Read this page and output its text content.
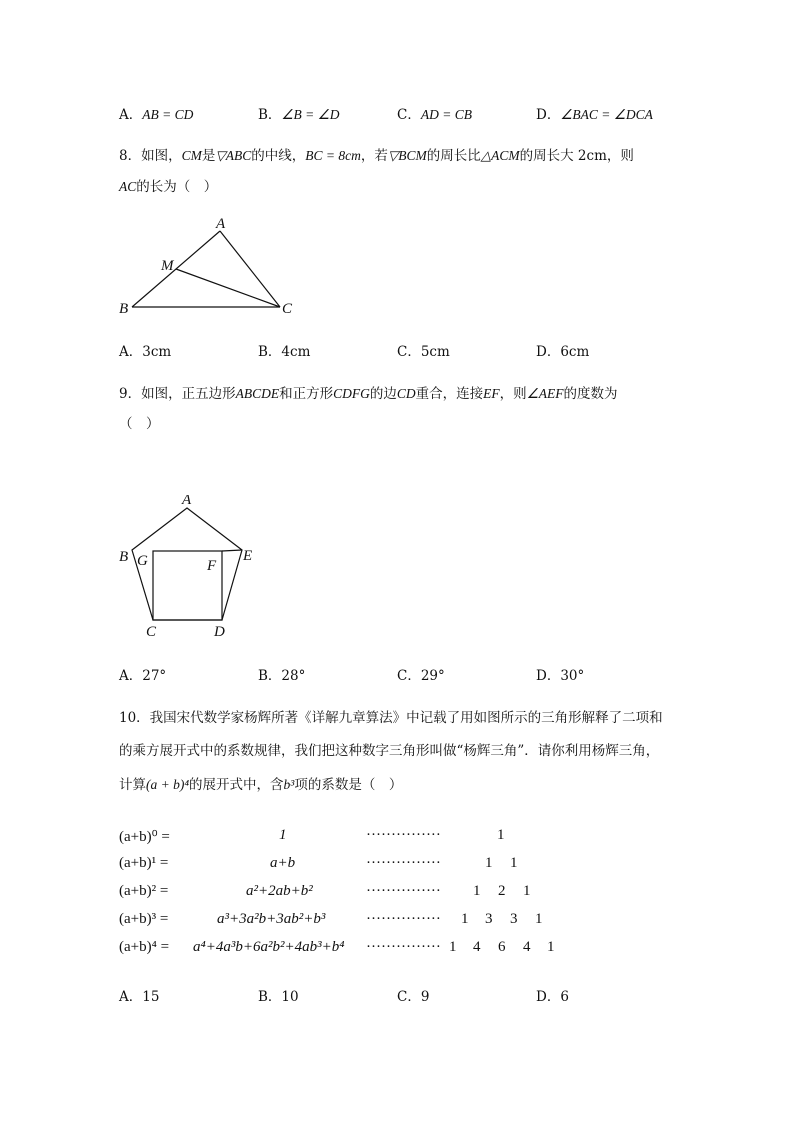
A．AB = CD	B．∠B = ∠D	C．AD = CB	D．∠BAC = ∠DCA
8．如图，CM是▽ABC的中线，BC = 8cm，若▽BCM的周长比△ACM的周长大 2cm，则
AC的长为（　）
A
M
B	C
A．3cm	B．4cm	C．5cm	D．6cm
9．如图，正五边形ABCDE和正方形CDFG的边CD重合，连接EF，则∠AEF的度数为
（　）
A
B G	F
E
C	D
A．27°	B．28°	C．29°	D．30°
10．我国宋代数学家杨辉所著《详解九章算法》中记载了用如图所示的三角形解释了二项和
的乘方展开式中的系数规律，我们把这种数字三角形叫做“杨辉三角”．请你利用杨辉三角，
计算(a + b)⁴的展开式中，含b³项的系数是（　）
(a+b)⁰ =	1	···············	1
(a+b)¹ =	a+b	···············	1 1
(a+b)² =	a²+2ab+b²	··············· 1 2 1
(a+b)³ =	a³+3a²b+3ab²+b³	··············· 1 3 3 1
(a+b)⁴ = a⁴+4a³b+6a²b²+4ab³+b⁴ ··············· 1 4 6 4 1
A．15	B．10	C．9	D．6
